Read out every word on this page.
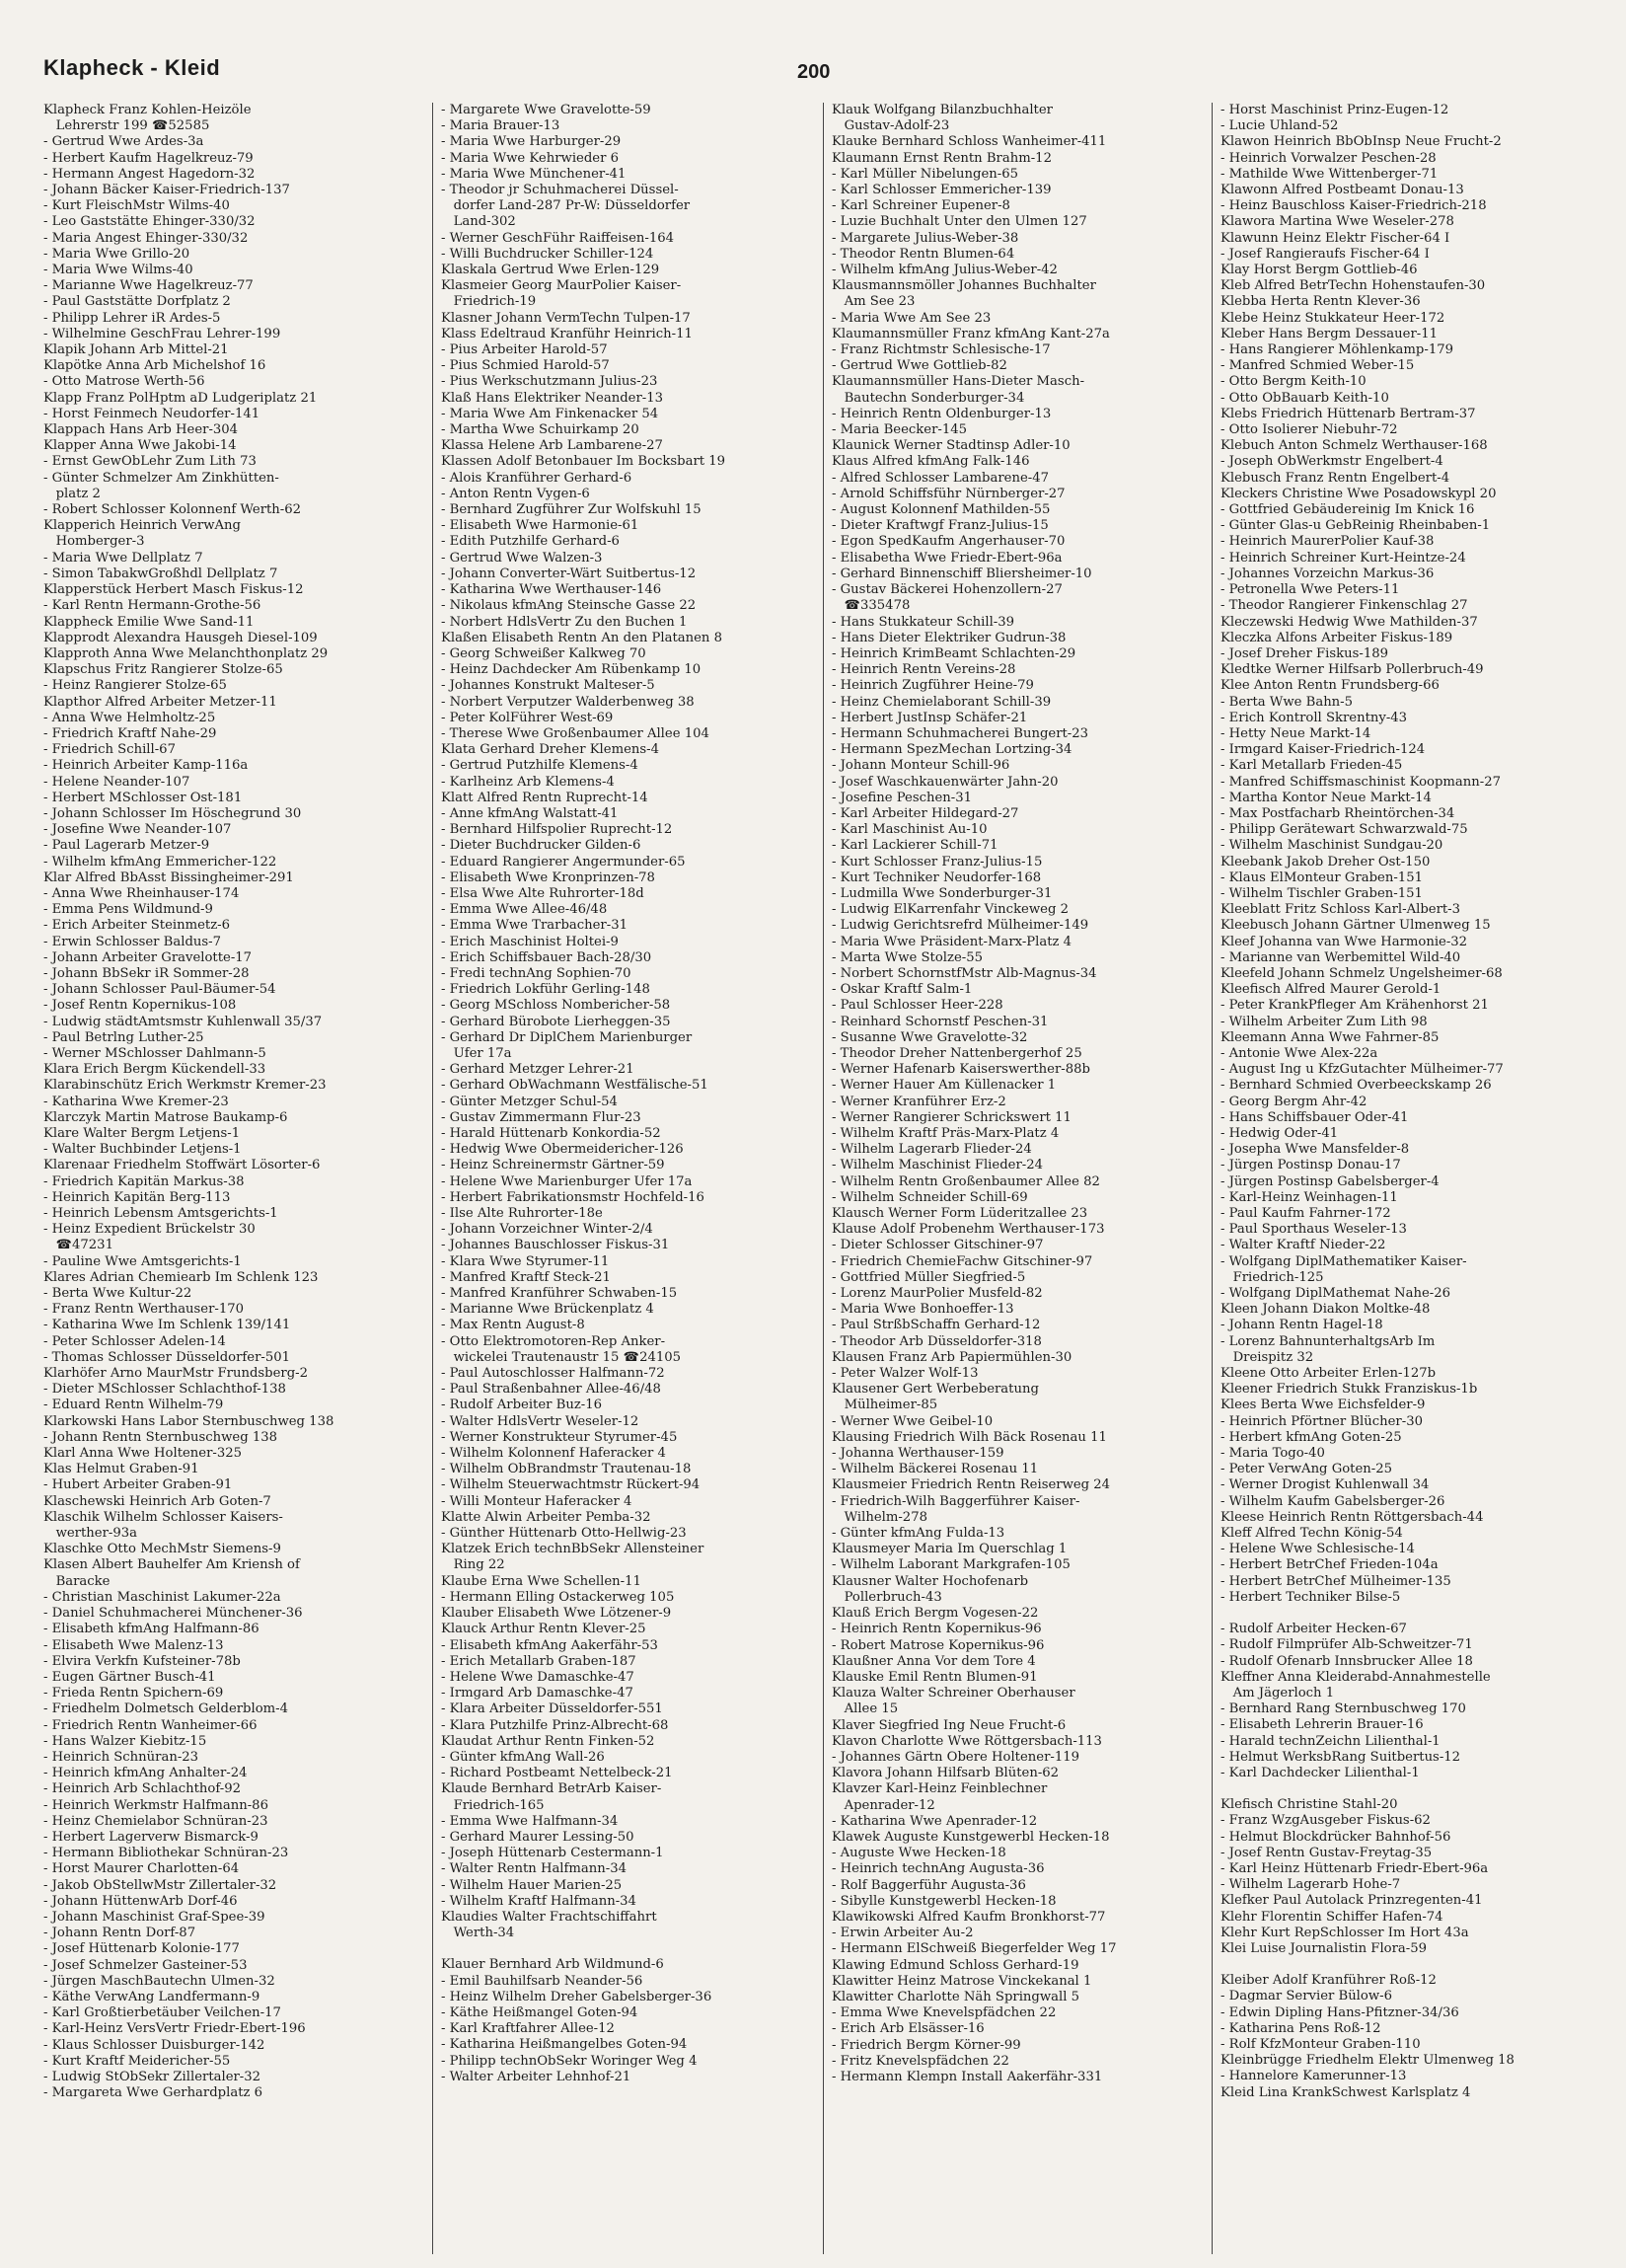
Klapheck - Kleid	200
Klapheck Franz Kohlen-Heizöle
Lehrerstr 199 ☎52585
- Gertrud Wwe Ardes-3a
- Herbert Kaufm Hagelkreuz-79
- Hermann Angest Hagedorn-32
- Johann Bäcker Kaiser-Friedrich-137
- Kurt FleischMstr Wilms-40
- Leo Gaststätte Ehinger-330/32
- Maria Angest Ehinger-330/32
- Maria Wwe Grillo-20
- Maria Wwe Wilms-40
- Marianne Wwe Hagelkreuz-77
- Paul Gaststätte Dorfplatz 2
- Philipp Lehrer iR Ardes-5
- Wilhelmine GeschFrau Lehrer-199
Klapik Johann Arb Mittel-21
Klapötke Anna Arb Michelshof 16
- Otto Matrose Werth-56
Klapp Franz PolHptm aD Ludgeriplatz 21
- Horst Feinmech Neudorfer-141
Klappach Hans Arb Heer-304
Klapper Anna Wwe Jakobi-14
- Ernst GewObLehr Zum Lith 73
- Günter Schmelzer Am Zinkhütten-
platz 2
- Robert Schlosser Kolonnenf Werth-62
Klapperich Heinrich VerwAng
Homberger-3
- Maria Wwe Dellplatz 7
- Simon TabakwGroßhdl Dellplatz 7
Klapperstück Herbert Masch Fiskus-12
- Karl Rentn Hermann-Grothe-56
Klappheck Emilie Wwe Sand-11
Klapprodt Alexandra Hausgeh Diesel-109
Klapproth Anna Wwe Melanchthonplatz 29
Klapschus Fritz Rangierer Stolze-65
- Heinz Rangierer Stolze-65
Klapthor Alfred Arbeiter Metzer-11
- Anna Wwe Helmholtz-25
- Friedrich Kraftf Nahe-29
- Friedrich Schill-67
- Heinrich Arbeiter Kamp-116a
- Helene Neander-107
- Herbert MSchlosser Ost-181
- Johann Schlosser Im Höschegrund 30
- Josefine Wwe Neander-107
- Paul Lagerarb Metzer-9
- Wilhelm kfmAng Emmericher-122
Klar Alfred BbAsst Bissingheimer-291
- Anna Wwe Rheinhauser-174
- Emma Pens Wildmund-9
- Erich Arbeiter Steinmetz-6
- Erwin Schlosser Baldus-7
- Johann Arbeiter Gravelotte-17
- Johann BbSekr iR Sommer-28
- Johann Schlosser Paul-Bäumer-54
- Josef Rentn Kopernikus-108
- Ludwig städtAmtsmstr Kuhlenwall 35/37
- Paul Betrlng Luther-25
- Werner MSchlosser Dahlmann-5
Klara Erich Bergm Kückendell-33
Klarabinschütz Erich Werkmstr Kremer-23
- Katharina Wwe Kremer-23
Klarczyk Martin Matrose Baukamp-6
Klare Walter Bergm Letjens-1
- Walter Buchbinder Letjens-1
Klarenaar Friedhelm Stoffwärt Lösorter-6
- Friedrich Kapitän Markus-38
- Heinrich Kapitän Berg-113
- Heinrich Lebensm Amtsgerichts-1
- Heinz Expedient Brückelstr 30
☎47231
- Pauline Wwe Amtsgerichts-1
Klares Adrian Chemiearb Im Schlenk 123
- Berta Wwe Kultur-22
- Franz Rentn Werthauser-170
- Katharina Wwe Im Schlenk 139/141
- Peter Schlosser Adelen-14
- Thomas Schlosser Düsseldorfer-501
Klarhöfer Arno MaurMstr Frundsberg-2
- Dieter MSchlosser Schlachthof-138
- Eduard Rentn Wilhelm-79
Klarkowski Hans Labor Sternbuschweg 138
- Johann Rentn Sternbuschweg 138
Klarl Anna Wwe Holtener-325
Klas Helmut Graben-91
- Hubert Arbeiter Graben-91
Klaschewski Heinrich Arb Goten-7
Klaschik Wilhelm Schlosser Kaisers-
werther-93a
Klaschke Otto MechMstr Siemens-9
Klasen Albert Bauhelfer Am Kriensh of
Baracke
- Christian Maschinist Lakumer-22a
- Daniel Schuhmacherei Münchener-36
- Elisabeth kfmAng Halfmann-86
- Elisabeth Wwe Malenz-13
- Elvira Verkfn Kufsteiner-78b
- Eugen Gärtner Busch-41
- Frieda Rentn Spichern-69
- Friedhelm Dolmetsch Gelderblom-4
- Friedrich Rentn Wanheimer-66
- Hans Walzer Kiebitz-15
- Heinrich Schnüran-23
- Heinrich kfmAng Anhalter-24
- Heinrich Arb Schlachthof-92
- Heinrich Werkmstr Halfmann-86
- Heinz Chemielabor Schnüran-23
- Herbert Lagerverw Bismarck-9
- Hermann Bibliothekar Schnüran-23
- Horst Maurer Charlotten-64
- Jakob ObStellwMstr Zillertaler-32
- Johann HüttenwArb Dorf-46
- Johann Maschinist Graf-Spee-39
- Johann Rentn Dorf-87
- Josef Hüttenarb Kolonie-177
- Josef Schmelzer Gasteiner-53
- Jürgen MaschBautechn Ulmen-32
- Käthe VerwAng Landfermann-9
- Karl Großtierbetäuber Veilchen-17
- Karl-Heinz VersVertr Friedr-Ebert-196
- Klaus Schlosser Duisburger-142
- Kurt Kraftf Meidericher-55
- Ludwig StObSekr Zillertaler-32
- Margareta Wwe Gerhardplatz 6
- Margarete Wwe Gravelotte-59
- Maria Brauer-13
- Maria Wwe Harburger-29
- Maria Wwe Kehrwieder 6
- Maria Wwe Münchener-41
- Theodor jr Schuhmacherei Düssel-
dorfer Land-287 Pr-W: Düsseldorfer
Land-302
- Werner GeschFühr Raiffeisen-164
- Willi Buchdrucker Schiller-124
Klaskala Gertrud Wwe Erlen-129
Klasmeier Georg MaurPolier Kaiser-
Friedrich-19
Klasner Johann VermTechn Tulpen-17
Klass Edeltraud Kranführ Heinrich-11
- Pius Arbeiter Harold-57
- Pius Schmied Harold-57
- Pius Werkschutzmann Julius-23
Klaß Hans Elektriker Neander-13
- Maria Wwe Am Finkenacker 54
- Martha Wwe Schuirkamp 20
Klassa Helene Arb Lambarene-27
Klassen Adolf Betonbauer Im Bocksbart 19
- Alois Kranführer Gerhard-6
- Anton Rentn Vygen-6
- Bernhard Zugführer Zur Wolfskuhl 15
- Elisabeth Wwe Harmonie-61
- Edith Putzhilfe Gerhard-6
- Gertrud Wwe Walzen-3
- Johann Converter-Wärt Suitbertus-12
- Katharina Wwe Werthauser-146
- Nikolaus kfmAng Steinsche Gasse 22
- Norbert HdlsVertr Zu den Buchen 1
Klaßen Elisabeth Rentn An den Platanen 8
- Georg Schweißer Kalkweg 70
- Heinz Dachdecker Am Rübenkamp 10
- Johannes Konstrukt Malteser-5
- Norbert Verputzer Walderbenweg 38
- Peter KolFührer West-69
- Therese Wwe Großenbaumer Allee 104
Klata Gerhard Dreher Klemens-4
- Gertrud Putzhilfe Klemens-4
- Karlheinz Arb Klemens-4
Klatt Alfred Rentn Ruprecht-14
- Anne kfmAng Walstatt-41
- Bernhard Hilfspolier Ruprecht-12
- Dieter Buchdrucker Gilden-6
- Eduard Rangierer Angermunder-65
- Elisabeth Wwe Kronprinzen-78
- Elsa Wwe Alte Ruhrorter-18d
- Emma Wwe Allee-46/48
- Emma Wwe Trarbacher-31
- Erich Maschinist Holtei-9
- Erich Schiffsbauer Bach-28/30
- Fredi technAng Sophien-70
- Friedrich Lokführ Gerling-148
- Georg MSchloss Nombericher-58
- Gerhard Bürobote Lierheggen-35
- Gerhard Dr DiplChem Marienburger
Ufer 17a
- Gerhard Metzger Lehrer-21
- Gerhard ObWachmann Westfälische-51
- Günter Metzger Schul-54
- Gustav Zimmermann Flur-23
- Harald Hüttenarb Konkordia-52
- Hedwig Wwe Obermeidericher-126
- Heinz Schreinermstr Gärtner-59
- Helene Wwe Marienburger Ufer 17a
- Herbert Fabrikationsmstr Hochfeld-16
- Ilse Alte Ruhrorter-18e
- Johann Vorzeichner Winter-2/4
- Johannes Bauschlosser Fiskus-31
- Klara Wwe Styrumer-11
- Manfred Kraftf Steck-21
- Manfred Kranführer Schwaben-15
- Marianne Wwe Brückenplatz 4
- Max Rentn August-8
- Otto Elektromotoren-Rep Anker-
wickelei Trautenaustr 15 ☎24105
- Paul Autoschlosser Halfmann-72
- Paul Straßenbahner Allee-46/48
- Rudolf Arbeiter Buz-16
- Walter HdlsVertr Weseler-12
- Werner Konstrukteur Styrumer-45
- Wilhelm Kolonnenf Haferacker 4
- Wilhelm ObBrandmstr Trautenau-18
- Wilhelm Steuerwachtmstr Rückert-94
- Willi Monteur Haferacker 4
Klatte Alwin Arbeiter Pemba-32
- Günther Hüttenarb Otto-Hellwig-23
Klatzek Erich technBbSekr Allensteiner
Ring 22
Klaube Erna Wwe Schellen-11
- Hermann Elling Ostackerweg 105
Klauber Elisabeth Wwe Lötzener-9
Klauck Arthur Rentn Klever-25
- Elisabeth kfmAng Aakerfähr-53
- Erich Metallarb Graben-187
- Helene Wwe Damaschke-47
- Irmgard Arb Damaschke-47
- Klara Arbeiter Düsseldorfer-551
- Klara Putzhilfe Prinz-Albrecht-68
Klaudat Arthur Rentn Finken-52
- Günter kfmAng Wall-26
- Richard Postbeamt Nettelbeck-21
Klaude Bernhard BetrArb Kaiser-
Friedrich-165
- Emma Wwe Halfmann-34
- Gerhard Maurer Lessing-50
- Joseph Hüttenarb Cestermann-1
- Walter Rentn Halfmann-34
- Wilhelm Hauer Marien-25
- Wilhelm Kraftf Halfmann-34
Klaudies Walter Frachtschiffahrt
Werth-34
Klauer Bernhard Arb Wildmund-6
- Emil Bauhilfsarb Neander-56
- Heinz Wilhelm Dreher Gabelsberger-36
- Käthe Heißmangel Goten-94
- Karl Kraftfahrer Allee-12
- Katharina Heißmangelbes Goten-94
- Philipp technObSekr Woringer Weg 4
- Walter Arbeiter Lehnhof-21
Klauk Wolfgang Bilanzbuchhalter
Gustav-Adolf-23
Klauke Bernhard Schloss Wanheimer-411
Klaumann Ernst Rentn Brahm-12
- Karl Müller Nibelungen-65
- Karl Schlosser Emmericher-139
- Karl Schreiner Eupener-8
- Luzie Buchhalt Unter den Ulmen 127
- Margarete Julius-Weber-38
- Theodor Rentn Blumen-64
- Wilhelm kfmAng Julius-Weber-42
Klausmannsmöller Johannes Buchhalter
Am See 23
- Maria Wwe Am See 23
Klaumannsmüller Franz kfmAng Kant-27a
- Franz Richtmstr Schlesische-17
- Gertrud Wwe Gottlieb-82
Klaumannsmüller Hans-Dieter Masch-
Bautechn Sonderburger-34
- Heinrich Rentn Oldenburger-13
- Maria Beecker-145
Klaunick Werner Stadtinsp Adler-10
Klaus Alfred kfmAng Falk-146
- Alfred Schlosser Lambarene-47
- Arnold Schiffsführ Nürnberger-27
- August Kolonnenf Mathilden-55
- Dieter Kraftwgf Franz-Julius-15
- Egon SpedKaufm Angerhauser-70
- Elisabetha Wwe Friedr-Ebert-96a
- Gerhard Binnenschiff Bliersheimer-10
- Gustav Bäckerei Hohenzollern-27
☎335478
- Hans Stukkateur Schill-39
- Hans Dieter Elektriker Gudrun-38
- Heinrich KrimBeamt Schlachten-29
- Heinrich Rentn Vereins-28
- Heinrich Zugführer Heine-79
- Heinz Chemielaborant Schill-39
- Herbert JustInsp Schäfer-21
- Hermann Schuhmacherei Bungert-23
- Hermann SpezMechan Lortzing-34
- Johann Monteur Schill-96
- Josef Waschkauenwärter Jahn-20
- Josefine Peschen-31
- Karl Arbeiter Hildegard-27
- Karl Maschinist Au-10
- Karl Lackierer Schill-71
- Kurt Schlosser Franz-Julius-15
- Kurt Techniker Neudorfer-168
- Ludmilla Wwe Sonderburger-31
- Ludwig ElKarrenfahr Vinckeweg 2
- Ludwig Gerichtsrefrd Mülheimer-149
- Maria Wwe Präsident-Marx-Platz 4
- Marta Wwe Stolze-55
- Norbert SchornstfMstr Alb-Magnus-34
- Oskar Kraftf Salm-1
- Paul Schlosser Heer-228
- Reinhard Schornstf Peschen-31
- Susanne Wwe Gravelotte-32
- Theodor Dreher Nattenbergerhof 25
- Werner Hafenarb Kaiserswerther-88b
- Werner Hauer Am Küllenacker 1
- Werner Kranführer Erz-2
- Werner Rangierer Schrickswert 11
- Wilhelm Kraftf Präs-Marx-Platz 4
- Wilhelm Lagerarb Flieder-24
- Wilhelm Maschinist Flieder-24
- Wilhelm Rentn Großenbaumer Allee 82
- Wilhelm Schneider Schill-69
Klausch Werner Form Lüderitzallee 23
Klause Adolf Probenehm Werthauser-173
- Dieter Schlosser Gitschiner-97
- Friedrich ChemieFachw Gitschiner-97
- Gottfried Müller Siegfried-5
- Lorenz MaurPolier Musfeld-82
- Maria Wwe Bonhoeffer-13
- Paul StrßbSchaffn Gerhard-12
- Theodor Arb Düsseldorfer-318
Klausen Franz Arb Papiermühlen-30
- Peter Walzer Wolf-13
Klausener Gert Werbeberatung
Mülheimer-85
- Werner Wwe Geibel-10
Klausing Friedrich Wilh Bäck Rosenau 11
- Johanna Werthauser-159
- Wilhelm Bäckerei Rosenau 11
Klausmeier Friedrich Rentn Reiserweg 24
- Friedrich-Wilh Baggerführer Kaiser-
Wilhelm-278
- Günter kfmAng Fulda-13
Klausmeyer Maria Im Querschlag 1
- Wilhelm Laborant Markgrafen-105
Klausner Walter Hochofenarb
Pollerbruch-43
Klauß Erich Bergm Vogesen-22
- Heinrich Rentn Kopernikus-96
- Robert Matrose Kopernikus-96
Klaußner Anna Vor dem Tore 4
Klauske Emil Rentn Blumen-91
Klauza Walter Schreiner Oberhauser
Allee 15
Klaver Siegfried Ing Neue Frucht-6
Klavon Charlotte Wwe Röttgersbach-113
- Johannes Gärtn Obere Holtener-119
Klavora Johann Hilfsarb Blüten-62
Klavzer Karl-Heinz Feinblechner
Apenrader-12
- Katharina Wwe Apenrader-12
Klawek Auguste Kunstgewerbl Hecken-18
- Auguste Wwe Hecken-18
- Heinrich technAng Augusta-36
- Rolf Baggerführ Augusta-36
- Sibylle Kunstgewerbl Hecken-18
Klawikowski Alfred Kaufm Bronkhorst-77
- Erwin Arbeiter Au-2
- Hermann ElSchweiß Biegerfelder Weg 17
Klawing Edmund Schloss Gerhard-19
Klawitter Heinz Matrose Vinckekanal 1
Klawitter Charlotte Näh Springwall 5
- Emma Wwe Knevelspfädchen 22
- Erich Arb Elsässer-16
- Friedrich Bergm Körner-99
- Fritz Knevelspfädchen 22
- Hermann Klempn Install Aakerfähr-331
- Horst Maschinist Prinz-Eugen-12
- Lucie Uhland-52
Klawon Heinrich BbObInsp Neue Frucht-2
- Heinrich Vorwalzer Peschen-28
- Mathilde Wwe Wittenberger-71
Klawonn Alfred Postbeamt Donau-13
- Heinz Bauschloss Kaiser-Friedrich-218
Klawora Martina Wwe Weseler-278
Klawunn Heinz Elektr Fischer-64 I
- Josef Rangieraufs Fischer-64 I
Klay Horst Bergm Gottlieb-46
Kleb Alfred BetrTechn Hohenstaufen-30
Klebba Herta Rentn Klever-36
Klebe Heinz Stukkateur Heer-172
Kleber Hans Bergm Dessauer-11
- Hans Rangierer Möhlenkamp-179
- Manfred Schmied Weber-15
- Otto Bergm Keith-10
- Otto ObBauarb Keith-10
Klebs Friedrich Hüttenarb Bertram-37
- Otto Isolierer Niebuhr-72
Klebuch Anton Schmelz Werthauser-168
- Joseph ObWerkmstr Engelbert-4
Klebusch Franz Rentn Engelbert-4
Kleckers Christine Wwe Posadowskypl 20
- Gottfried Gebäudereinig Im Knick 16
- Günter Glas-u GebReinig Rheinbaben-1
- Heinrich MaurerPolier Kauf-38
- Heinrich Schreiner Kurt-Heintze-24
- Johannes Vorzeichn Markus-36
- Petronella Wwe Peters-11
- Theodor Rangierer Finkenschlag 27
Kleczewski Hedwig Wwe Mathilden-37
Kleczka Alfons Arbeiter Fiskus-189
- Josef Dreher Fiskus-189
Kledtke Werner Hilfsarb Pollerbruch-49
Klee Anton Rentn Frundsberg-66
- Berta Wwe Bahn-5
- Erich Kontroll Skrentny-43
- Hetty Neue Markt-14
- Irmgard Kaiser-Friedrich-124
- Karl Metallarb Frieden-45
- Manfred Schiffsmaschinist Koopmann-27
- Martha Kontor Neue Markt-14
- Max Postfacharb Rheintörchen-34
- Philipp Gerätewart Schwarzwald-75
- Wilhelm Maschinist Sundgau-20
Kleebank Jakob Dreher Ost-150
- Klaus ElMonteur Graben-151
- Wilhelm Tischler Graben-151
Kleeblatt Fritz Schloss Karl-Albert-3
Kleebusch Johann Gärtner Ulmenweg 15
Kleef Johanna van Wwe Harmonie-32
- Marianne van Werbemittel Wild-40
Kleefeld Johann Schmelz Ungelsheimer-68
Kleefisch Alfred Maurer Gerold-1
- Peter KrankPfleger Am Krähenhorst 21
- Wilhelm Arbeiter Zum Lith 98
Kleemann Anna Wwe Fahrner-85
- Antonie Wwe Alex-22a
- August Ing u KfzGutachter Mülheimer-77
- Bernhard Schmied Overbeeckskamp 26
- Georg Bergm Ahr-42
- Hans Schiffsbauer Oder-41
- Hedwig Oder-41
- Josepha Wwe Mansfelder-8
- Jürgen Postinsp Donau-17
- Jürgen Postinsp Gabelsberger-4
- Karl-Heinz Weinhagen-11
- Paul Kaufm Fahrner-172
- Paul Sporthaus Weseler-13
- Walter Kraftf Nieder-22
- Wolfgang DiplMathematiker Kaiser-
Friedrich-125
- Wolfgang DiplMathemat Nahe-26
Kleen Johann Diakon Moltke-48
- Johann Rentn Hagel-18
- Lorenz BahnunterhaltgsArb Im
Dreispitz 32
Kleene Otto Arbeiter Erlen-127b
Kleener Friedrich Stukk Franziskus-1b
Klees Berta Wwe Eichsfelder-9
- Heinrich Pförtner Blücher-30
- Herbert kfmAng Goten-25
- Maria Togo-40
- Peter VerwAng Goten-25
- Werner Drogist Kuhlenwall 34
- Wilhelm Kaufm Gabelsberger-26
Kleese Heinrich Rentn Röttgersbach-44
Kleff Alfred Techn König-54
- Helene Wwe Schlesische-14
- Herbert BetrChef Frieden-104a
- Herbert BetrChef Mülheimer-135
- Herbert Techniker Bilse-5
- Rudolf Arbeiter Hecken-67
- Rudolf Filmprüfer Alb-Schweitzer-71
- Rudolf Ofenarb Innsbrucker Allee 18
Kleffner Anna Kleiderabd-Annahmestelle
Am Jägerloch 1
- Bernhard Rang Sternbuschweg 170
- Elisabeth Lehrerin Brauer-16
- Harald technZeichn Lilienthal-1
- Helmut WerksbRang Suitbertus-12
- Karl Dachdecker Lilienthal-1
Klefisch Christine Stahl-20
- Franz WzgAusgeber Fiskus-62
- Helmut Blockdrücker Bahnhof-56
- Josef Rentn Gustav-Freytag-35
- Karl Heinz Hüttenarb Friedr-Ebert-96a
- Wilhelm Lagerarb Hohe-7
Klefker Paul Autolack Prinzregenten-41
Klehr Florentin Schiffer Hafen-74
Klehr Kurt RepSchlosser Im Hort 43a
Klei Luise Journalistin Flora-59
Kleiber Adolf Kranführer Roß-12
- Dagmar Servier Bülow-6
- Edwin Dipling Hans-Pfitzner-34/36
- Katharina Pens Roß-12
- Rolf KfzMonteur Graben-110
Kleinbrügge Friedhelm Elektr Ulmenweg 18
- Hannelore Kamerunner-13
Kleid Lina KrankSchwest Karlsplatz 4
